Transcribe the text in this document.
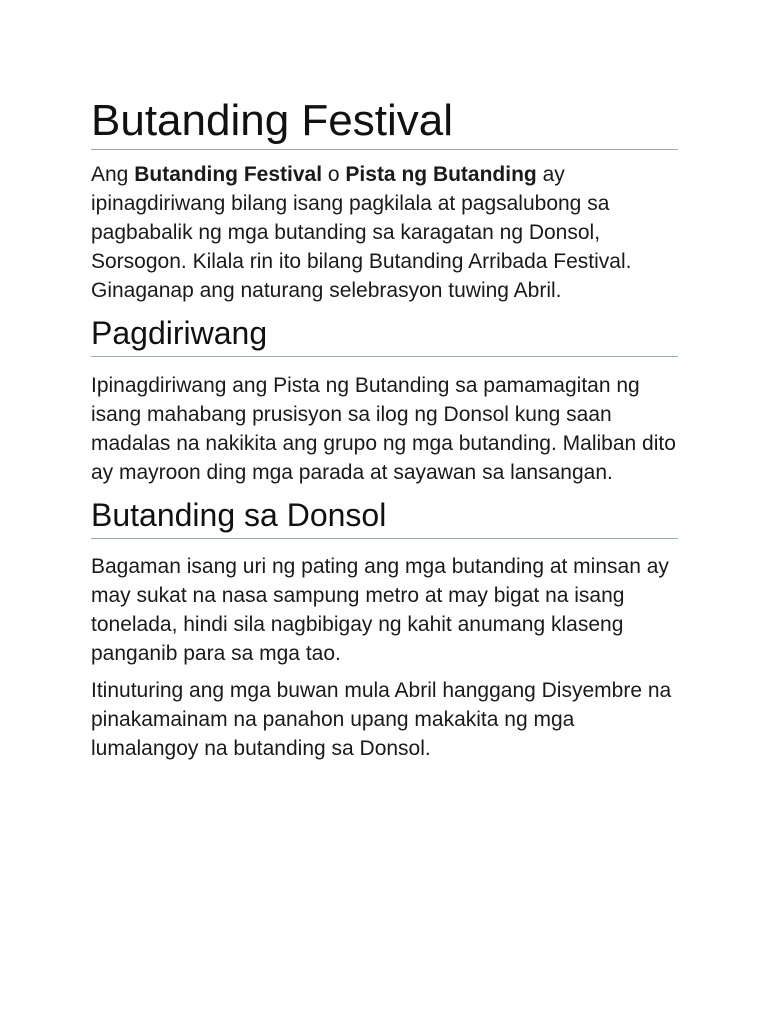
Butanding Festival

Ang Butanding Festival o Pista ng Butanding ay ipinagdiriwang bilang isang pagkilala at pagsalubong sa pagbabalik ng mga butanding sa karagatan ng Donsol, Sorsogon. Kilala rin ito bilang Butanding Arribada Festival. Ginaganap ang naturang selebrasyon tuwing Abril.

Pagdiriwang

Ipinagdiriwang ang Pista ng Butanding sa pamamagitan ng isang mahabang prusisyon sa ilog ng Donsol kung saan madalas na nakikita ang grupo ng mga butanding. Maliban dito ay mayroon ding mga parada at sayawan sa lansangan.

Butanding sa Donsol

Bagaman isang uri ng pating ang mga butanding at minsan ay may sukat na nasa sampung metro at may bigat na isang tonelada, hindi sila nagbibigay ng kahit anumang klaseng panganib para sa mga tao.

Itinuturing ang mga buwan mula Abril hanggang Disyembre na pinakamainam na panahon upang makakita ng mga lumalangoy na butanding sa Donsol.
